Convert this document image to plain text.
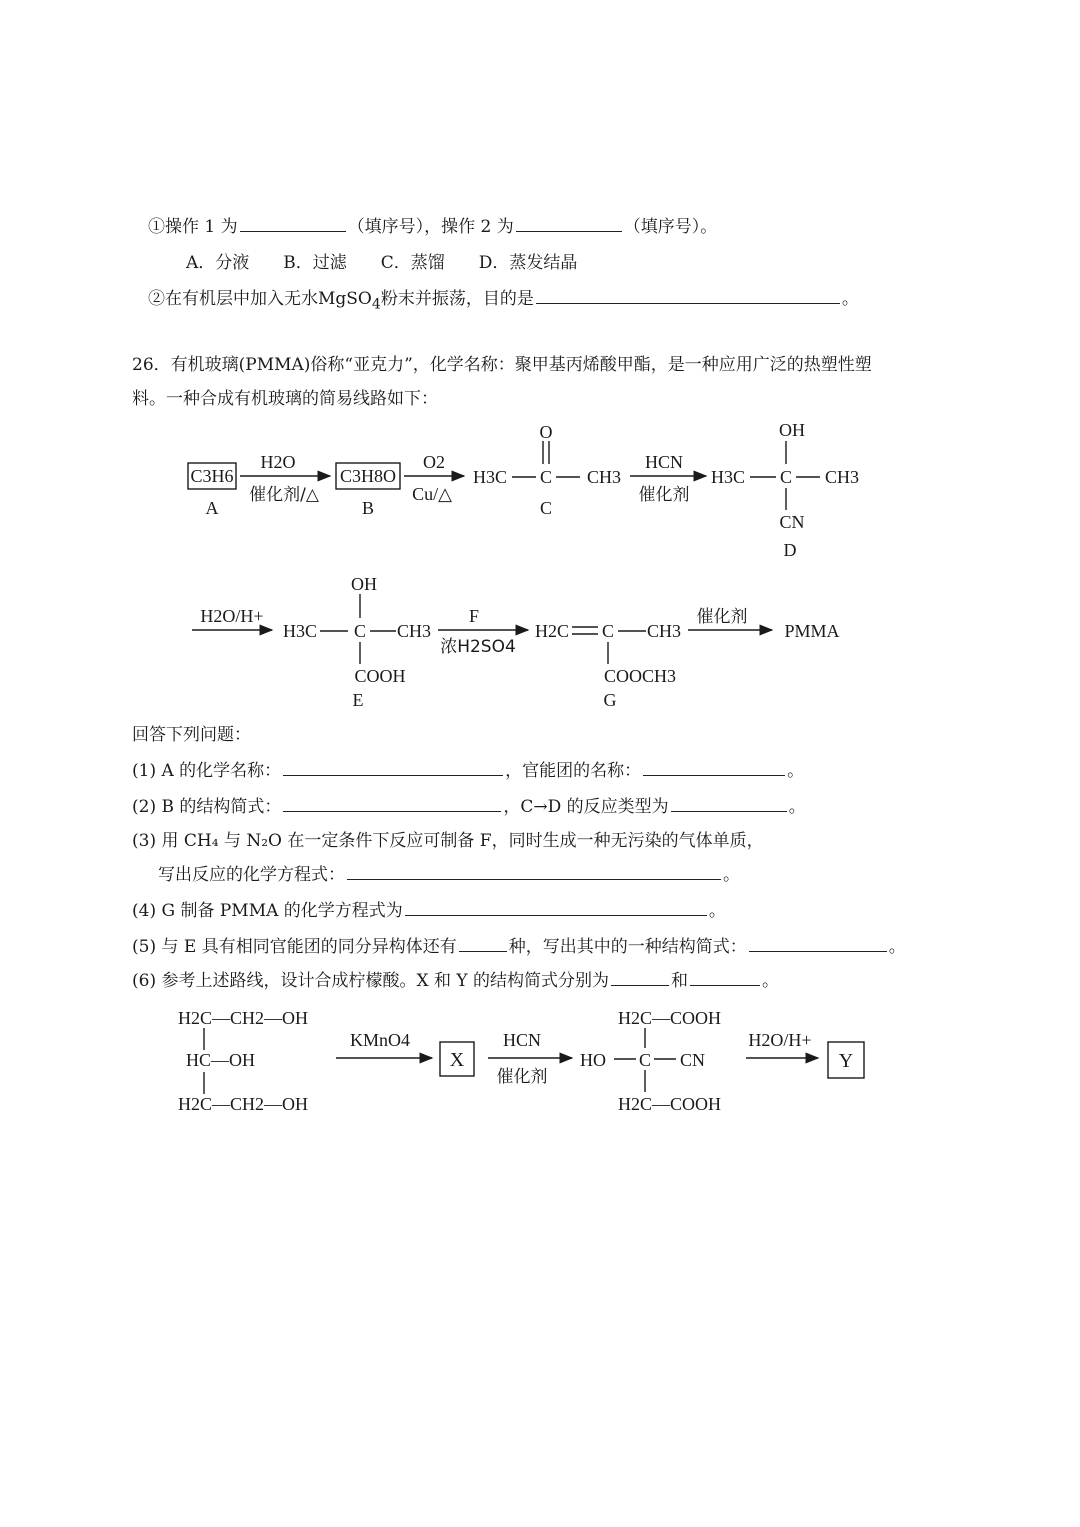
①操作 1 为	（填序号），操作 2 为	（填序号）。
A．分液 B．过滤 C．蒸馏 D．蒸发结晶
②在有机层中加入无水MgSO$_4$粉末并振荡，目的是	。
26．有机玻璃(PMMA)俗称“亚克力”，化学名称：聚甲基丙烯酸甲酯，是一种应用广泛的热塑性塑
料。一种合成有机玻璃的简易线路如下：
C3H6
A
H2O
催化剂/△
C3H8O
B
O2
Cu/△
O
H3C C CH3
C
HCN
催化剂
OH
H3C C CH3
CN
D
H2O/H+
OH
H3C C CH3
COOH
E
F
浓H2SO4
H2C C CH3
COOCH3
G
催化剂
PMMA
H2C—CH2—OH
HC—OH
H2C—CH2—OH
KMnO4
X
HCN
催化剂
H2C—COOH
HO C CN
H2C—COOH
H2O/H+
Y
回答下列问题：
(1) A 的化学名称：	，官能团的名称：	。
(2) B 的结构简式：	，C→D 的反应类型为	。
(3) 用 CH₄ 与 N₂O 在一定条件下反应可制备 F，同时生成一种无污染的气体单质，
写出反应的化学方程式：	。
(4) G 制备 PMMA 的化学方程式为	。
(5) 与 E 具有相同官能团的同分异构体还有	种，写出其中的一种结构简式：	。
(6) 参考上述路线，设计合成柠檬酸。X 和 Y 的结构简式分别为	和	。
